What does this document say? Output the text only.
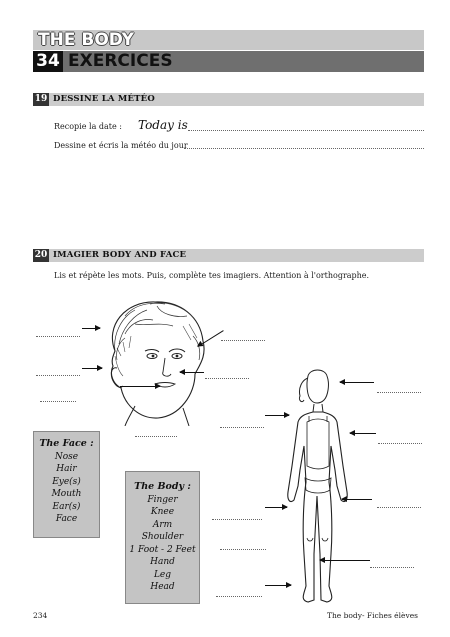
THE BODY
34 EXERCICES
19 DESSINE LA MÉTÉO
Recopie la date : Today is
Dessine et écris la météo du jour
20 IMAGIER BODY AND FACE
Lis et répète les mots. Puis, complète tes imagiers. Attention à l'orthographe.
The Face :
Nose
Hair
Eye(s)
Mouth
Ear(s)
Face
The Body :
Finger
Knee
Arm
Shoulder
1 Foot - 2 Feet
Hand
Leg
Head
234	The body- Fiches élèves
